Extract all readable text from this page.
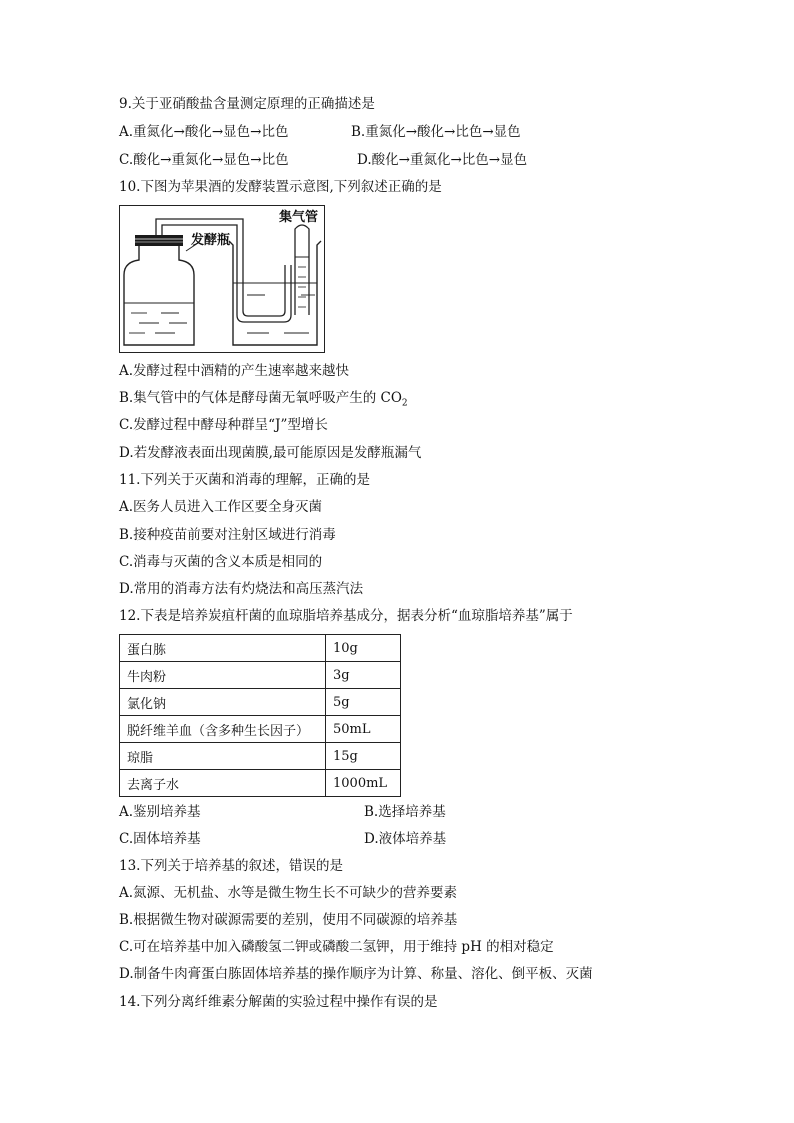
9.关于亚硝酸盐含量测定原理的正确描述是
A.重氮化→酸化→显色→比色	B.重氮化→酸化→比色→显色
C.酸化→重氮化→显色→比色	D.酸化→重氮化→比色→显色
10.下图为苹果酒的发酵装置示意图,下列叙述正确的是
发酵瓶
集气管
A.发酵过程中酒精的产生速率越来越快
B.集气管中的气体是酵母菌无氧呼吸产生的 $CO_2$
C.发酵过程中酵母种群呈“J”型增长
D.若发酵液表面出现菌膜,最可能原因是发酵瓶漏气
11.下列关于灭菌和消毒的理解，正确的是
A.医务人员进入工作区要全身灭菌
B.接种疫苗前要对注射区域进行消毒
C.消毒与灭菌的含义本质是相同的
D.常用的消毒方法有灼烧法和高压蒸汽法
12.下表是培养炭疽杆菌的血琼脂培养基成分，据表分析“血琼脂培养基”属于
蛋白胨	10g
牛肉粉	3g
氯化钠	5g
脱纤维羊血（含多种生长因子）	50mL
琼脂	15g
去离子水	1000mL
A.鉴别培养基	B.选择培养基
C.固体培养基	D.液体培养基
13.下列关于培养基的叙述，错误的是
A.氮源、无机盐、水等是微生物生长不可缺少的营养要素
B.根据微生物对碳源需要的差别，使用不同碳源的培养基
C.可在培养基中加入磷酸氢二钾或磷酸二氢钾，用于维持 pH 的相对稳定
D.制备牛肉膏蛋白胨固体培养基的操作顺序为计算、称量、溶化、倒平板、灭菌
14.下列分离纤维素分解菌的实验过程中操作有误的是
